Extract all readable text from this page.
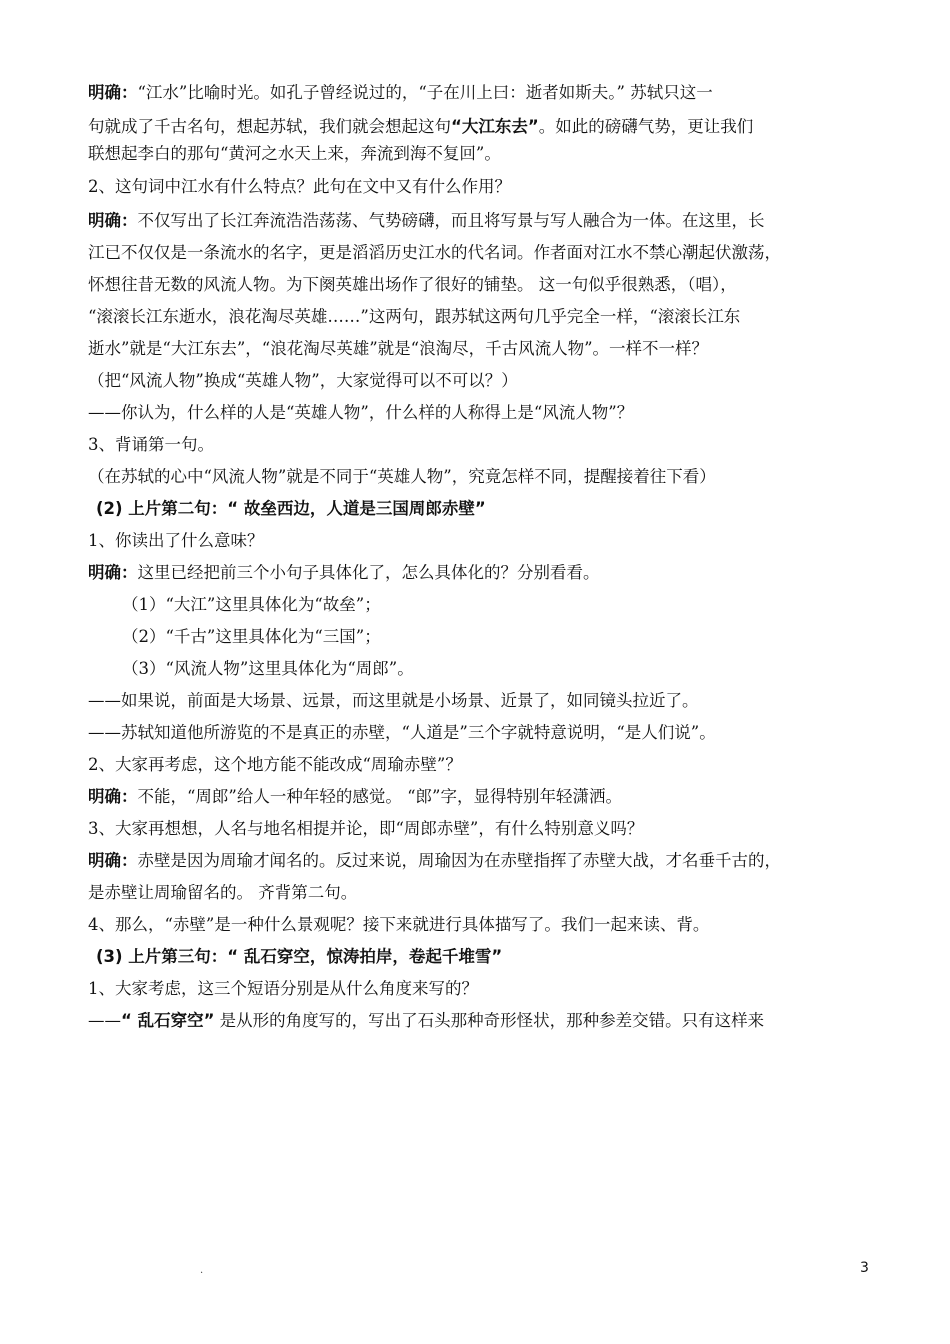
明确：“江水”比喻时光。如孔子曾经说过的，“子在川上曰：逝者如斯夫。” 苏轼只这一
句就成了千古名句，想起苏轼，我们就会想起这句“大江东去”。如此的磅礴气势，更让我们
联想起李白的那句“黄河之水天上来，奔流到海不复回”。
2、这句词中江水有什么特点？此句在文中又有什么作用？
明确：不仅写出了长江奔流浩浩荡荡、气势磅礴，而且将写景与写人融合为一体。在这里，长
江已不仅仅是一条流水的名字，更是滔滔历史江水的代名词。作者面对江水不禁心潮起伏激荡，
怀想往昔无数的风流人物。为下阕英雄出场作了很好的铺垫。 这一句似乎很熟悉，（唱），
“滚滚长江东逝水，浪花淘尽英雄……”这两句，跟苏轼这两句几乎完全一样，“滚滚长江东
逝水”就是“大江东去”，“浪花淘尽英雄”就是“浪淘尽，千古风流人物”。一样不一样？
（把“风流人物”换成“英雄人物”，大家觉得可以不可以？）
——你认为，什么样的人是“英雄人物”，什么样的人称得上是“风流人物”？
3、背诵第一句。
（在苏轼的心中“风流人物”就是不同于“英雄人物”，究竟怎样不同，提醒接着往下看）
(2) 上片第二句：“ 故垒西边，人道是三国周郎赤壁”
1、你读出了什么意味？
明确：这里已经把前三个小句子具体化了，怎么具体化的？分别看看。
（1）“大江”这里具体化为“故垒”；
（2）“千古”这里具体化为“三国”；
（3）“风流人物”这里具体化为“周郎”。
——如果说，前面是大场景、远景，而这里就是小场景、近景了，如同镜头拉近了。
——苏轼知道他所游览的不是真正的赤壁，“人道是”三个字就特意说明，“是人们说”。
2、大家再考虑，这个地方能不能改成“周瑜赤壁”？
明确：不能，“周郎”给人一种年轻的感觉。 “郎”字，显得特别年轻潇洒。
3、大家再想想，人名与地名相提并论，即“周郎赤壁”，有什么特别意义吗？
明确：赤壁是因为周瑜才闻名的。反过来说，周瑜因为在赤壁指挥了赤壁大战，才名垂千古的，
是赤壁让周瑜留名的。 齐背第二句。
4、那么，“赤壁”是一种什么景观呢？接下来就进行具体描写了。我们一起来读、背。
(3) 上片第三句：“ 乱石穿空，惊涛拍岸，卷起千堆雪”
1、大家考虑，这三个短语分别是从什么角度来写的？
——“ 乱石穿空” 是从形的角度写的，写出了石头那种奇形怪状，那种参差交错。只有这样来
.	3
